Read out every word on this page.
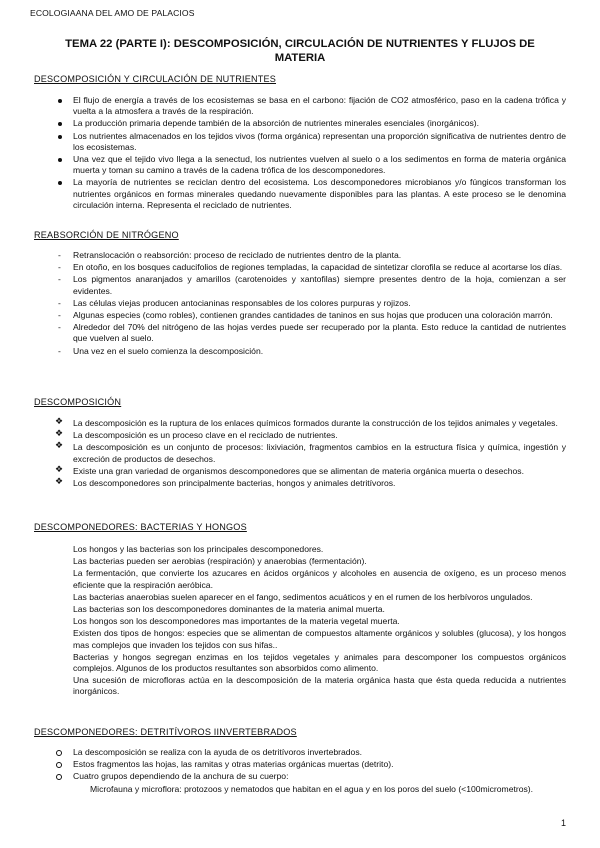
ECOLOGIAANA DEL AMO DE PALACIOS
TEMA 22 (PARTE I): DESCOMPOSICIÓN, CIRCULACIÓN DE NUTRIENTES Y FLUJOS DE MATERIA
DESCOMPOSICIÓN Y CIRCULACIÓN DE NUTRIENTES
El flujo de energía a través de los ecosistemas se basa en el carbono: fijación de CO2 atmosférico, paso en la cadena trófica y vuelta a la atmosfera a través de la respiración.
La producción primaria depende también de la absorción de nutrientes minerales esenciales (inorgánicos).
Los nutrientes almacenados en los tejidos vivos (forma orgánica) representan una proporción significativa de nutrientes dentro de los ecosistemas.
Una vez que el tejido vivo llega a la senectud, los nutrientes vuelven al suelo o a los sedimentos en forma de materia orgánica muerta y toman su camino a través de la cadena trófica de los descomponedores.
La mayoría de nutrientes se reciclan dentro del ecosistema. Los descomponedores microbianos y/o fúngicos transforman los nutrientes orgánicos en formas minerales quedando nuevamente disponibles para las plantas. A este proceso se le denomina circulación interna. Representa el reciclado de nutrientes.
REABSORCIÓN DE NITRÓGENO
- Retranslocación o reabsorción: proceso de reciclado de nutrientes dentro de la planta.
- En otoño, en los bosques caducifolios de regiones templadas, la capacidad de sintetizar clorofila se reduce al acortarse los días.
- Los pigmentos anaranjados y amarillos (carotenoides y xantofilas) siempre presentes dentro de la hoja, comienzan a ser evidentes.
- Las células viejas producen antocianinas responsables de los colores purpuras y rojizos.
- Algunas especies (como robles), contienen grandes cantidades de taninos en sus hojas que producen una coloración marrón.
- Alrededor del 70% del nitrógeno de las hojas verdes puede ser recuperado por la planta. Esto reduce la cantidad de nutrientes que vuelven al suelo.
- Una vez en el suelo comienza la descomposición.
DESCOMPOSICIÓN
❖ La descomposición es la ruptura de los enlaces químicos formados durante la construcción de los tejidos animales y vegetales.
❖ La descomposición es un proceso clave en el reciclado de nutrientes.
❖ La descomposición es un conjunto de procesos: lixiviación, fragmentos cambios en la estructura física y química, ingestión y excreción de productos de desechos.
❖ Existe una gran variedad de organismos descomponedores que se alimentan de materia orgánica muerta o desechos.
❖ Los descomponedores son principalmente bacterias, hongos y animales detritívoros.
DESCOMPONEDORES: BACTERIAS Y HONGOS

Los hongos y las bacterias son los principales descomponedores.

Las bacterias pueden ser aerobias (respiración) y anaerobias (fermentación).

La fermentación, que convierte los azucares en ácidos orgánicos y alcoholes en ausencia de oxígeno, es un proceso menos eficiente que la respiración aeróbica.

Las bacterias anaerobias suelen aparecer en el fango, sedimentos acuáticos y en el rumen de los herbívoros ungulados.

Las bacterias son los descomponedores dominantes de la materia animal muerta.

Los hongos son los descomponedores mas importantes de la materia vegetal muerta.

Existen dos tipos de hongos: especies que se alimentan de compuestos altamente orgánicos y solubles (glucosa), y los hongos mas complejos que invaden los tejidos con sus hifas..

Bacterias y hongos segregan enzimas en los tejidos vegetales y animales para descomponer los compuestos orgánicos complejos. Algunos de los productos resultantes son absorbidos como alimento.

Una sucesión de microfloras actúa en la descomposición de la materia orgánica hasta que ésta queda reducida a nutrientes inorgánicos.

DESCOMPONEDORES: DETRITÍVOROS IINVERTEBRADOS
La descomposición se realiza con la ayuda de os detritívoros invertebrados.
Estos fragmentos las hojas, las ramitas y otras materias orgánicas muertas (detrito).
Cuatro grupos dependiendo de la anchura de su cuerpo:
Microfauna y microflora: protozoos y nematodos que habitan en el agua y en los poros del suelo (<100micrometros).
1
